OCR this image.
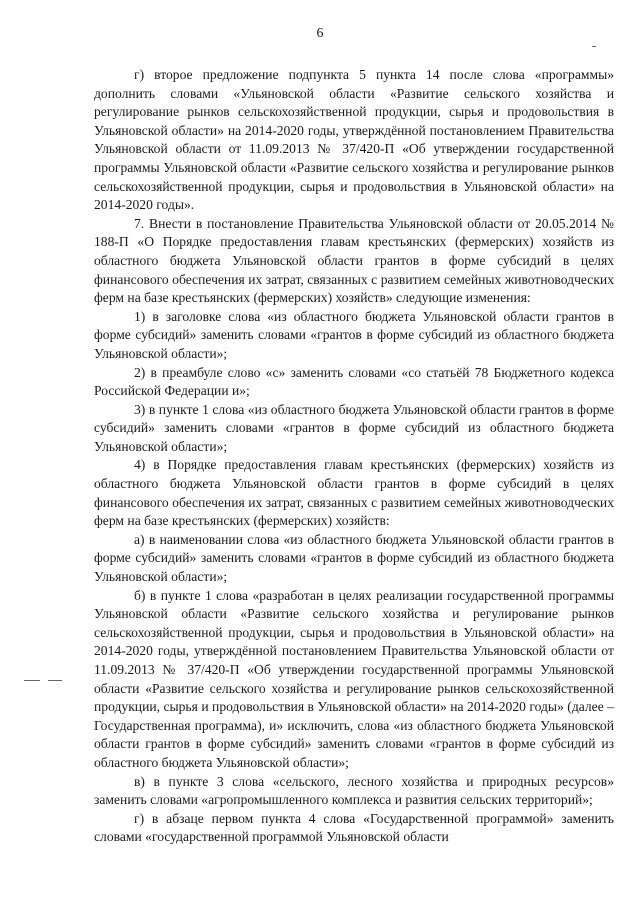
6

г) второе предложение подпункта 5 пункта 14 после слова «программы» дополнить словами «Ульяновской области «Развитие сельского хозяйства и регулирование рынков сельскохозяйственной продукции, сырья и продовольствия в Ульяновской области» на 2014-2020 годы, утверждённой постановлением Правительства Ульяновской области от 11.09.2013 № 37/420-П «Об утверждении государственной программы Ульяновской области «Развитие сельского хозяйства и регулирование рынков сельскохозяйственной продукции, сырья и продовольствия в Ульяновской области» на 2014-2020 годы».

7. Внести в постановление Правительства Ульяновской области от 20.05.2014 № 188-П «О Порядке предоставления главам крестьянских (фермерских) хозяйств из областного бюджета Ульяновской области грантов в форме субсидий в целях финансового обеспечения их затрат, связанных с развитием семейных животноводческих ферм на базе крестьянских (фермерских) хозяйств» следующие изменения:

1) в заголовке слова «из областного бюджета Ульяновской области грантов в форме субсидий» заменить словами «грантов в форме субсидий из областного бюджета Ульяновской области»;

2) в преамбуле слово «с» заменить словами «со статьёй 78 Бюджетного кодекса Российской Федерации и»;

3) в пункте 1 слова «из областного бюджета Ульяновской области грантов в форме субсидий» заменить словами «грантов в форме субсидий из областного бюджета Ульяновской области»;

4) в Порядке предоставления главам крестьянских (фермерских) хозяйств из областного бюджета Ульяновской области грантов в форме субсидий в целях финансового обеспечения их затрат, связанных с развитием семейных животноводческих ферм на базе крестьянских (фермерских) хозяйств:

а) в наименовании слова «из областного бюджета Ульяновской области грантов в форме субсидий» заменить словами «грантов в форме субсидий из областного бюджета Ульяновской области»;

б) в пункте 1 слова «разработан в целях реализации государственной программы Ульяновской области «Развитие сельского хозяйства и регулирование рынков сельскохозяйственной продукции, сырья и продовольствия в Ульяновской области» на 2014-2020 годы, утверждённой постановлением Правительства Ульяновской области от 11.09.2013 № 37/420-П «Об утверждении государственной программы Ульяновской области «Развитие сельского хозяйства и регулирование рынков сельскохозяйственной продукции, сырья и продовольствия в Ульяновской области» на 2014-2020 годы» (далее – Государственная программа), и» исключить, слова «из областного бюджета Ульяновской области грантов в форме субсидий» заменить словами «грантов в форме субсидий из областного бюджета Ульяновской области»;

в) в пункте 3 слова «сельского, лесного хозяйства и природных ресурсов» заменить словами «агропромышленного комплекса и развития сельских территорий»;

г) в абзаце первом пункта 4 слова «Государственной программой» заменить словами «государственной программой Ульяновской области
